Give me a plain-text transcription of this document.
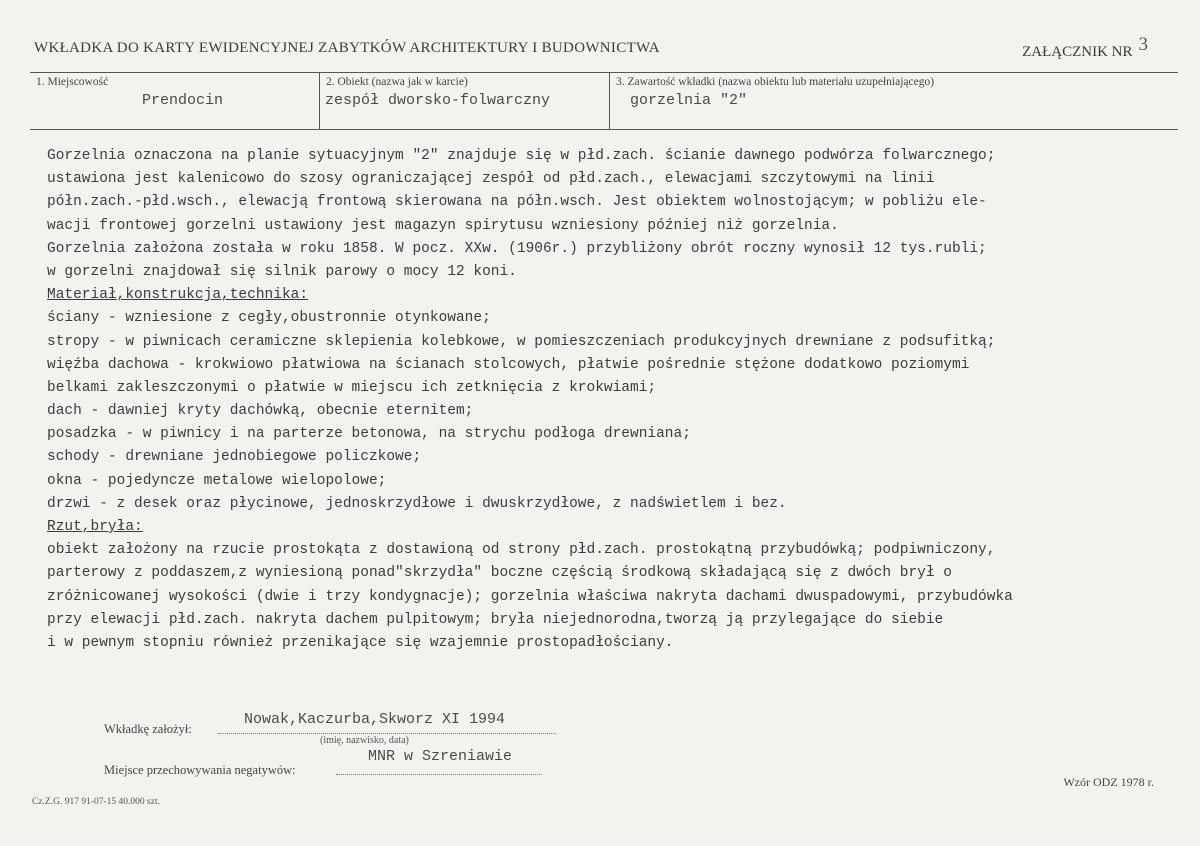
WKŁADKA DO KARTY EWIDENCYJNEJ ZABYTKÓW ARCHITEKTURY I BUDOWNICTWA	ZAŁĄCZNIK NR 3
1. Miejscowość
Prendocin
2. Obiekt (nazwa jak w karcie)
zespół dworsko-folwarczny
3. Zawartość wkładki (nazwa obiektu lub materiału uzupełniającego)
gorzelnia "2"
Gorzelnia oznaczona na planie sytuacyjnym "2" znajduje się w płd.zach. ścianie dawnego podwórza folwarcznego;
ustawiona jest kalenicowo do szosy ograniczającej zespół od płd.zach., elewacjami szczytowymi na linii
półn.zach.-płd.wsch., elewacją frontową skierowana na półn.wsch. Jest obiektem wolnostojącym; w pobliżu ele-
wacji frontowej gorzelni ustawiony jest magazyn spirytusu wzniesiony później niż gorzelnia.
Gorzelnia założona została w roku 1858. W pocz. XXw. (1906r.) przybliżony obrót roczny wynosił 12 tys.rubli;
w gorzelni znajdował się silnik parowy o mocy 12 koni.
Materiał,konstrukcja,technika:
ściany - wzniesione z cegły,obustronnie otynkowane;
stropy - w piwnicach ceramiczne sklepienia kolebkowe, w pomieszczeniach produkcyjnych drewniane z podsufitką;
więźba dachowa - krokwiowo płatwiowa na ścianach stolcowych, płatwie pośrednie stężone dodatkowo poziomymi
belkami zakleszczonymi o płatwie w miejscu ich zetknięcia z krokwiami;
dach - dawniej kryty dachówką, obecnie eternitem;
posadzka - w piwnicy i na parterze betonowa, na strychu podłoga drewniana;
schody - drewniane jednobiegowe policzkowe;
okna - pojedyncze metalowe wielopolowe;
drzwi - z desek oraz płycinowe, jednoskrzydłowe i dwuskrzydłowe, z nadświetlem i bez.
Rzut,bryła:
obiekt założony na rzucie prostokąta z dostawioną od strony płd.zach. prostokątną przybudówką; podpiwniczony,
parterowy z poddaszem,z wyniesioną ponad"skrzydła" boczne częścią środkową składającą się z dwóch brył o
zróżnicowanej wysokości (dwie i trzy kondygnacje); gorzelnia właściwa nakryta dachami dwuspadowymi, przybudówka
przy elewacji płd.zach. nakryta dachem pulpitowym; bryła niejednorodna,tworzą ją przylegające do siebie
i w pewnym stopniu również przenikające się wzajemnie prostopadłościany.
Wkładkę założył:
Nowak,Kaczurba,Skworz XI 1994
(imię, nazwisko, data)
MNR w Szreniawie
Miejsce przechowywania negatywów:
Wzór ODZ 1978 r.
Cz.Z.G. 917 91-07-15 40.000 szt.
